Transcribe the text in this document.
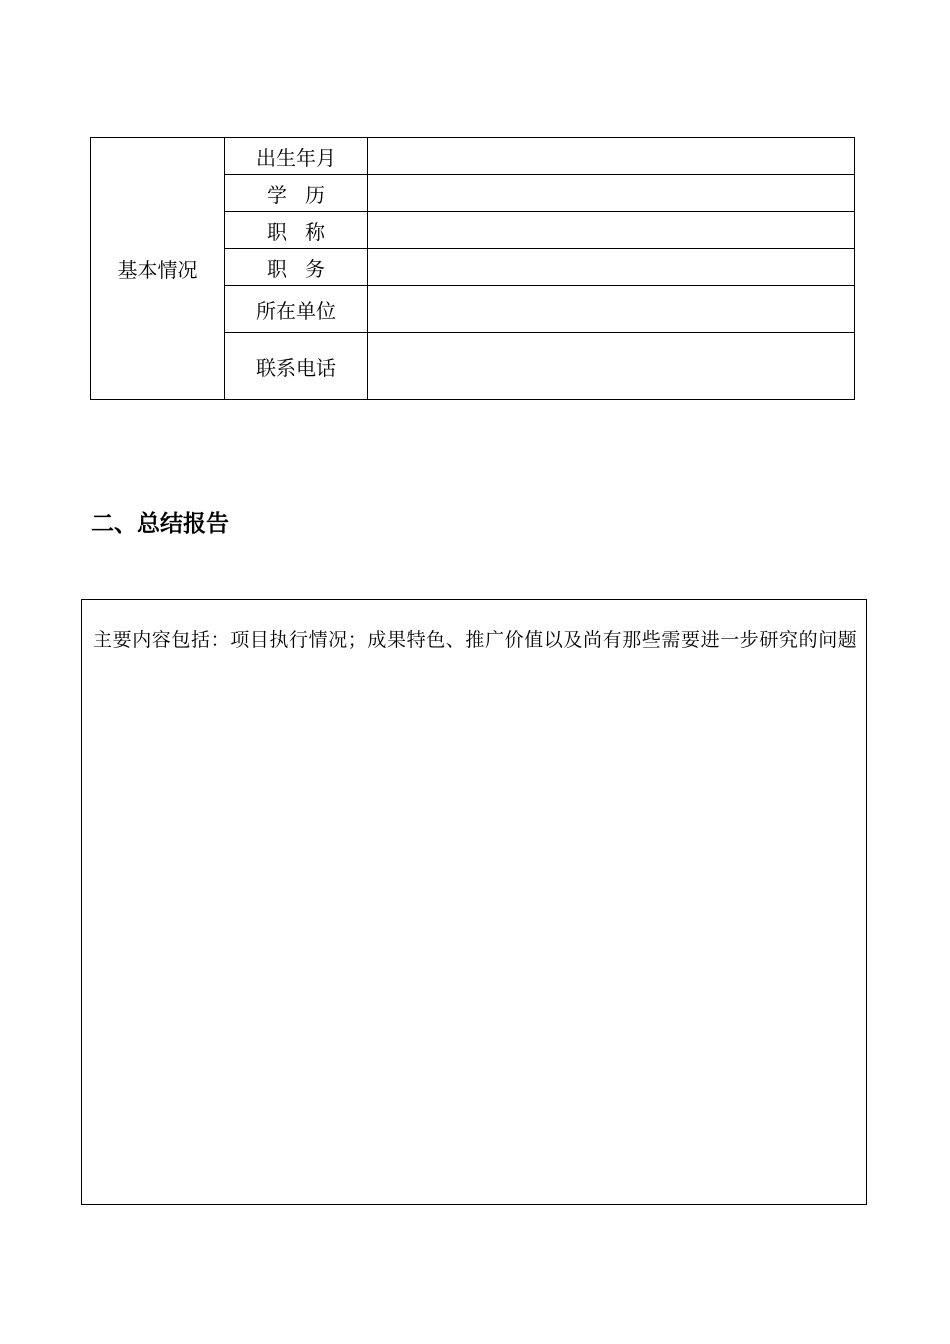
基本情况	出生年月	
	学历	
	职称	
	职务	
	所在单位	
	联系电话	
二、总结报告

主要内容包括：项目执行情况；成果特色、推广价值以及尚有那些需要进一步研究的问题
